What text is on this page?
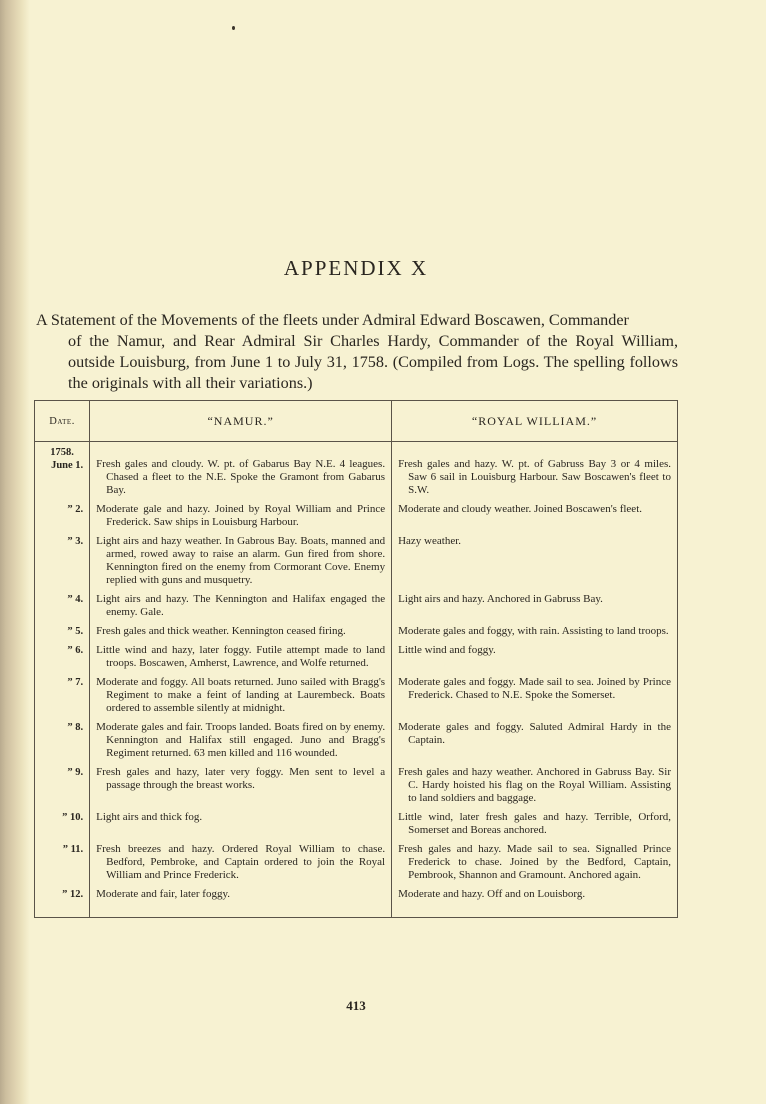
APPENDIX X
A Statement of the Movements of the fleets under Admiral Edward Boscawen, Commander
of the Namur, and Rear Admiral Sir Charles Hardy, Commander of the Royal William, outside Louisburg, from June 1 to July 31, 1758. (Compiled from Logs. The spelling follows the originals with all their variations.)
Date.	“NAMUR.”	“ROYAL WILLIAM.”

1758.
June 1.	Fresh gales and cloudy. W. pt. of Gabarus Bay N.E. 4 leagues. Chased a fleet to the N.E. Spoke the Gramont from Gabarus Bay.	Fresh gales and hazy. W. pt. of Gabruss Bay 3 or 4 miles. Saw 6 sail in Louisburg Harbour. Saw Boscawen's fleet to S.W.

” 2.	Moderate gale and hazy. Joined by Royal William and Prince Frederick. Saw ships in Louisburg Harbour.	Moderate and cloudy weather. Joined Boscawen's fleet.

” 3.	Light airs and hazy weather. In Gabrous Bay. Boats, manned and armed, rowed away to raise an alarm. Gun fired from shore. Kennington fired on the enemy from Cormorant Cove. Enemy replied with guns and musquetry.	Hazy weather.

” 4.	Light airs and hazy. The Kennington and Halifax engaged the enemy. Gale.	Light airs and hazy. Anchored in Gabruss Bay.

” 5.	Fresh gales and thick weather. Kennington ceased firing.	Moderate gales and foggy, with rain. Assisting to land troops.

” 6.	Little wind and hazy, later foggy. Futile attempt made to land troops. Boscawen, Amherst, Lawrence, and Wolfe returned.	Little wind and foggy.

” 7.	Moderate and foggy. All boats returned. Juno sailed with Bragg's Regiment to make a feint of landing at Laurembeck. Boats ordered to assemble silently at midnight.	Moderate gales and foggy. Made sail to sea. Joined by Prince Frederick. Chased to N.E. Spoke the Somerset.

” 8.	Moderate gales and fair. Troops landed. Boats fired on by enemy. Kennington and Halifax still engaged. Juno and Bragg's Regiment returned. 63 men killed and 116 wounded.	Moderate gales and foggy. Saluted Admiral Hardy in the Captain.

” 9.	Fresh gales and hazy, later very foggy. Men sent to level a passage through the breast works.	Fresh gales and hazy weather. Anchored in Gabruss Bay. Sir C. Hardy hoisted his flag on the Royal William. Assisting to land soldiers and baggage.

” 10.	Light airs and thick fog.	Little wind, later fresh gales and hazy. Terrible, Orford, Somerset and Boreas anchored.

” 11.	Fresh breezes and hazy. Ordered Royal William to chase. Bedford, Pembroke, and Captain ordered to join the Royal William and Prince Frederick.	Fresh gales and hazy. Made sail to sea. Signalled Prince Frederick to chase. Joined by the Bedford, Captain, Pembrook, Shannon and Gramount. Anchored again.

” 12.	Moderate and fair, later foggy.	Moderate and hazy. Off and on Louisborg.
413
